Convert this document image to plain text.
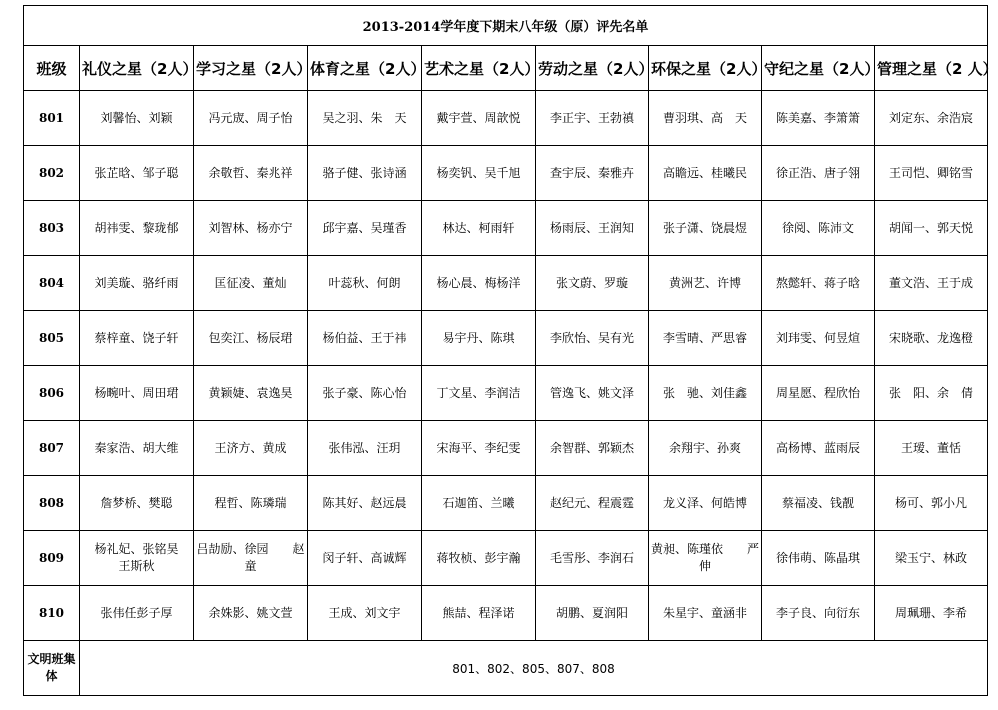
2013-2014学年度下期末八年级（原）评先名单								
班级	礼仪之星（2人）	学习之星（2人）	体育之星（2人）	艺术之星（2人）	劳动之星（2人）	环保之星（2人）	守纪之星（2人）	管理之星（2 人）
801	刘馨怡、刘颖	冯元宬、周子怡	吴之羽、朱　天	戴宇萱、周歆悦	李正宇、王勃禛	曹羽琪、高　天	陈美嘉、李箫箫	刘定东、余浩宸
802	张芷晗、邹子聪	余敬哲、秦兆祥	骆子健、张诗涵	杨奕钒、吴千旭	查宇辰、秦雅卉	高瞻远、桂曦民	徐正浩、唐子翎	王司恺、卿铭雪
803	胡祎雯、黎珑郁	刘智林、杨亦宁	邱宇嘉、吴瑾香	林达、柯雨轩	杨雨辰、王润知	张子潇、饶晨煜	徐阅、陈沛文	胡闻一、郭天悦
804	刘美璇、骆纤雨	匡征凌、董灿	叶蕊秋、何朗	杨心晨、梅杨洋	张文蔚、罗璇	黄洲艺、许博	熬懿轩、蒋子晗	董文浩、王于成
805	蔡梓童、饶子轩	包奕江、杨辰珺	杨伯益、王于祎	易宇丹、陈琪	李欣怡、吴有光	李雪晴、严思睿	刘玮雯、何昱煊	宋晓歌、龙逸橙
806	杨畹叶、周田珺	黄颖婕、袁逸昊	张子豪、陈心怡	丁文星、李润洁	管逸飞、姚文泽	张　驰、刘佳鑫	周星愿、程欣怡	张　阳、余　倩
807	秦家浩、胡大维	王济方、黄成	张伟泓、汪玥	宋海平、李纪雯	余智群、郭颖杰	余翔宇、孙爽	高杨博、蓝雨辰	王瑷、董恬
808	詹梦桥、樊聪	程哲、陈璘瑞	陈其好、赵远晨	石迦笛、兰曦	赵纪元、程震霆	龙义泽、何皓博	蔡福凌、钱靓	杨可、郭小凡
809	杨礼妃、张铭昊　　王斯秋	吕劼励、徐园　　赵童	闵子轩、高诚辉	蒋牧桢、彭宇瀚	毛雪彤、李润石	黄昶、陈瑾依　　严伸	徐伟萌、陈晶琪	梁玉宁、林政
810	张伟任彭子厚	余姝影、姚文萱	王成、刘文宇	熊喆、程泽诺	胡鹏、夏润阳	朱星宇、童涵非	李子良、向衍东	周珮珊、李希
文明班集体	801、802、805、807、808							
